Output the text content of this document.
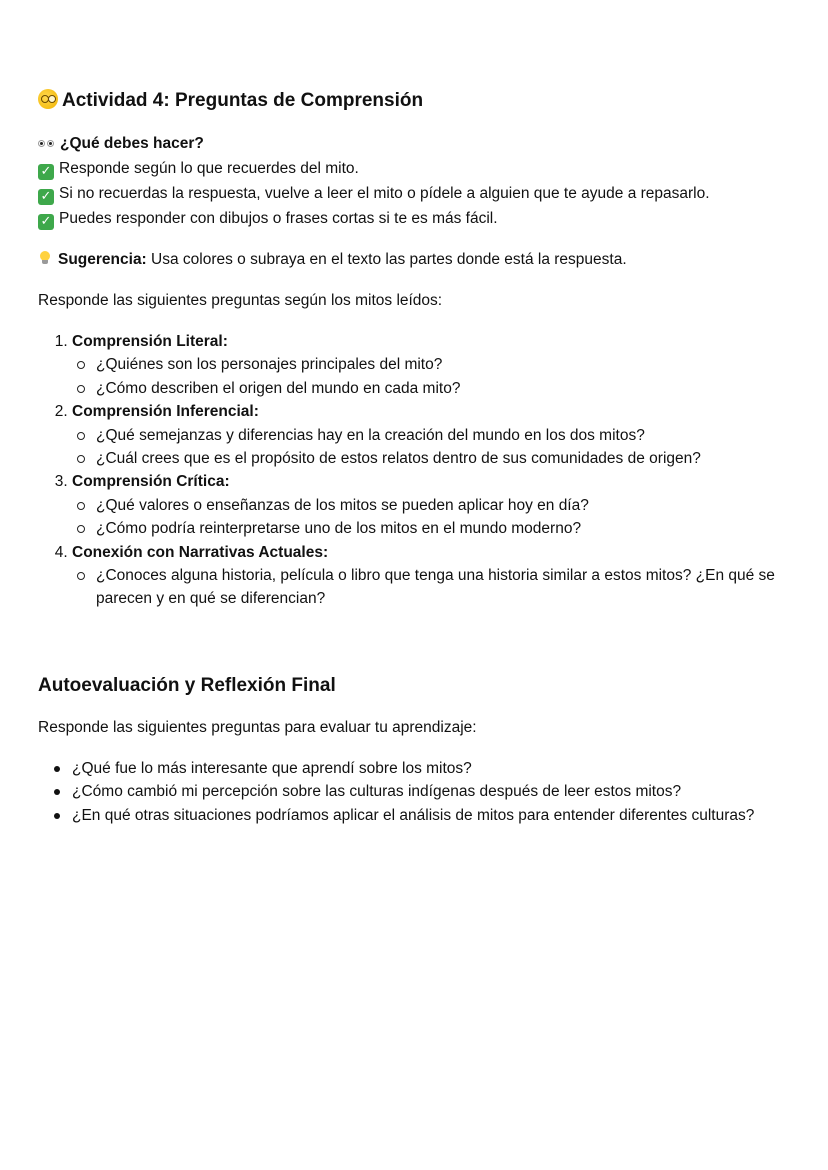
Actividad 4: Preguntas de Comprensión
¿Qué debes hacer?
✓ Responde según lo que recuerdes del mito.
✓ Si no recuerdas la respuesta, vuelve a leer el mito o pídele a alguien que te ayude a repasarlo.
✓ Puedes responder con dibujos o frases cortas si te es más fácil.
Sugerencia: Usa colores o subraya en el texto las partes donde está la respuesta.
Responde las siguientes preguntas según los mitos leídos:
1. Comprensión Literal:
¿Quiénes son los personajes principales del mito?
¿Cómo describen el origen del mundo en cada mito?
2. Comprensión Inferencial:
¿Qué semejanzas y diferencias hay en la creación del mundo en los dos mitos?
¿Cuál crees que es el propósito de estos relatos dentro de sus comunidades de origen?
3. Comprensión Crítica:
¿Qué valores o enseñanzas de los mitos se pueden aplicar hoy en día?
¿Cómo podría reinterpretarse uno de los mitos en el mundo moderno?
4. Conexión con Narrativas Actuales:
¿Conoces alguna historia, película o libro que tenga una historia similar a estos mitos? ¿En qué se parecen y en qué se diferencian?
Autoevaluación y Reflexión Final
Responde las siguientes preguntas para evaluar tu aprendizaje:
¿Qué fue lo más interesante que aprendí sobre los mitos?
¿Cómo cambió mi percepción sobre las culturas indígenas después de leer estos mitos?
¿En qué otras situaciones podríamos aplicar el análisis de mitos para entender diferentes culturas?
